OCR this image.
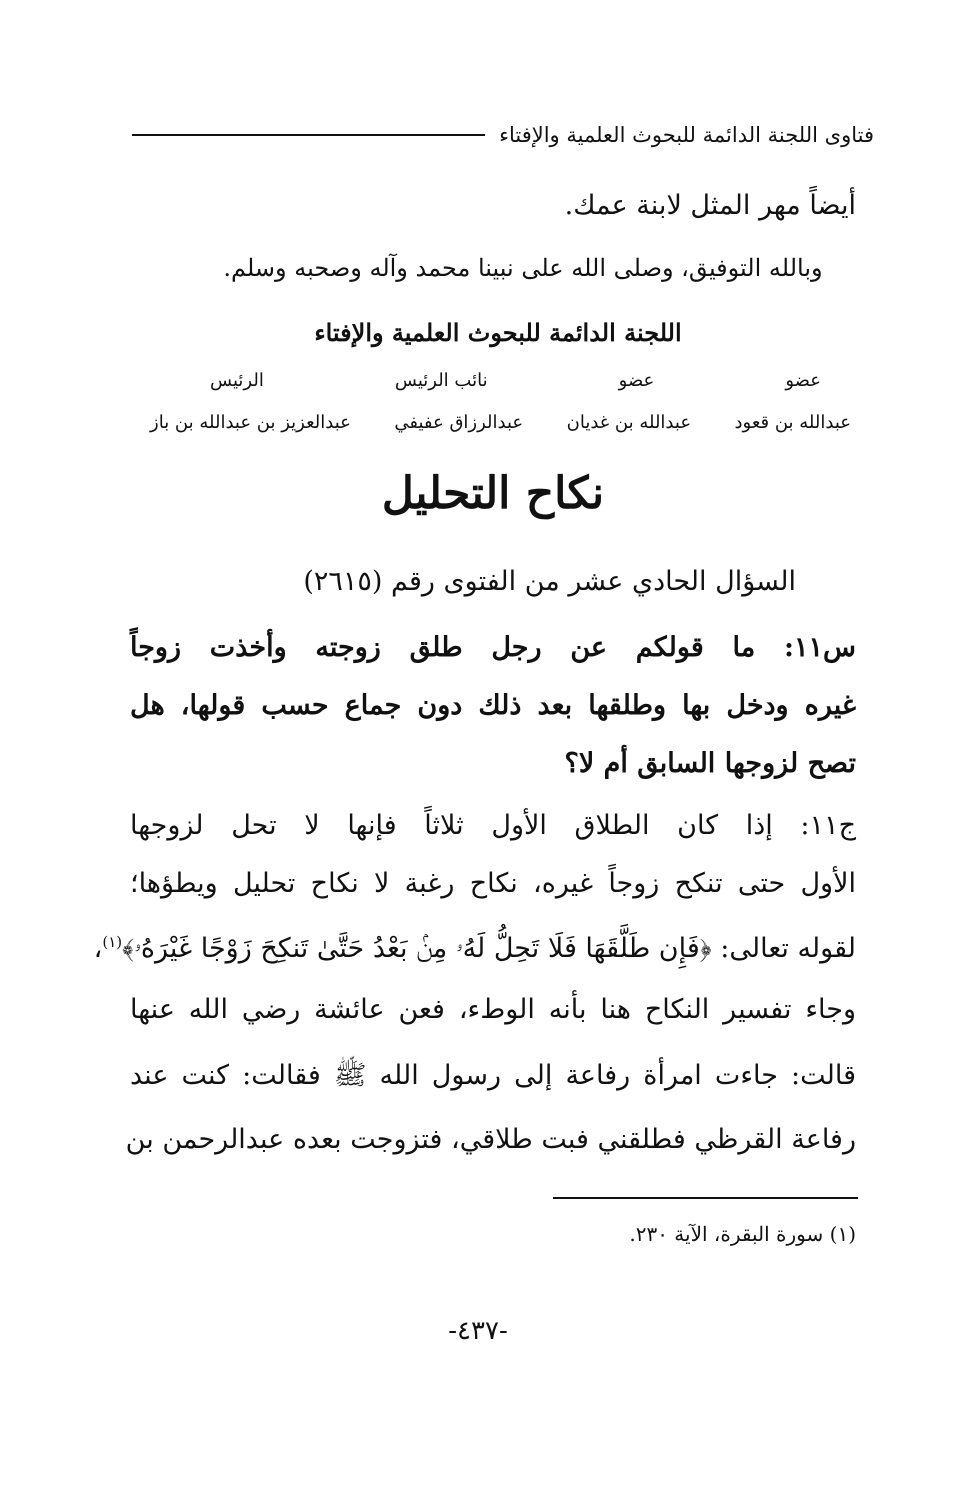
فتاوى اللجنة الدائمة للبحوث العلمية والإفتاء
أيضاً مهر المثل لابنة عمك.
وبالله التوفيق، وصلى الله على نبينا محمد وآله وصحبه وسلم.
اللجنة الدائمة للبحوث العلمية والإفتاء
عضو
عضو
نائب الرئيس
الرئيس
عبدالله بن قعود
عبدالله بن غديان
عبدالرزاق عفيفي
عبدالعزيز بن عبدالله بن باز
نكاح التحليل
السؤال الحادي عشر من الفتوى رقم (٢٦١٥)
س١١: ما قولكم عن رجل طلق زوجته وأخذت زوجاً
غيره ودخل بها وطلقها بعد ذلك دون جماع حسب قولها، هل
تصح لزوجها السابق أم لا؟
ج١١: إذا كان الطلاق الأول ثلاثاً فإنها لا تحل لزوجها
الأول حتى تنكح زوجاً غيره، نكاح رغبة لا نكاح تحليل ويطؤها؛
لقوله تعالى: ﴿فَإِن طَلَّقَهَا فَلَا تَحِلُّ لَهُۥ مِنۢ بَعْدُ حَتَّىٰ تَنكِحَ زَوْجًا غَيْرَهُۥ﴾$^{(١)}$،
وجاء تفسير النكاح هنا بأنه الوطء، فعن عائشة رضي الله عنها
قالت: جاءت امرأة رفاعة إلى رسول الله ﷺ فقالت: كنت عند
رفاعة القرظي فطلقني فبت طلاقي، فتزوجت بعده عبدالرحمن بن
(١) سورة البقرة، الآية ٢٣٠.
-٤٣٧-
